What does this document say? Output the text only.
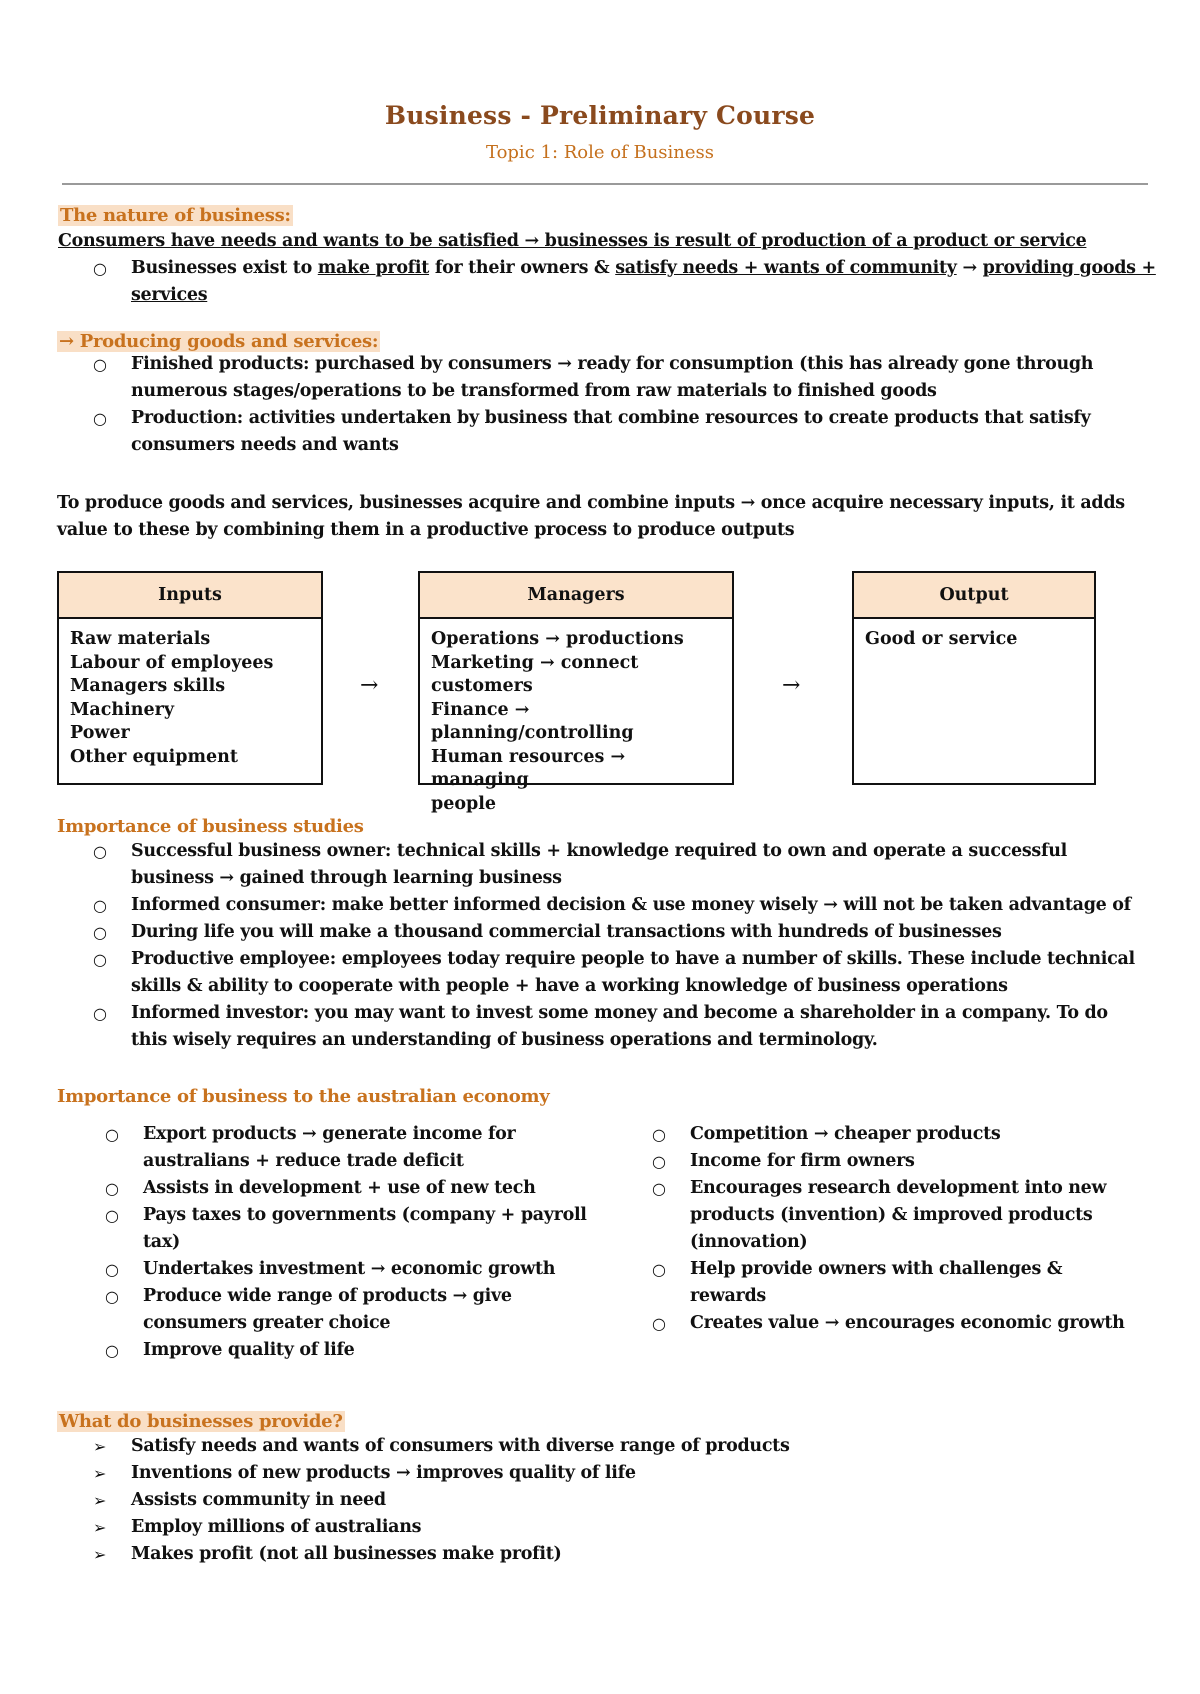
Business - Preliminary Course
Topic 1: Role of Business
The nature of business:
Consumers have needs and wants to be satisfied → businesses is result of production of a product or service
○ Businesses exist to make profit for their owners & satisfy needs + wants of community → providing goods + services
→ Producing goods and services:
○ Finished products: purchased by consumers → ready for consumption (this has already gone through numerous stages/operations to be transformed from raw materials to finished goods
○ Production: activities undertaken by business that combine resources to create products that satisfy consumers needs and wants
To produce goods and services, businesses acquire and combine inputs → once acquire necessary inputs, it adds value to these by combining them in a productive process to produce outputs
Inputs
Raw materials
Labour of employees
Managers skills
Machinery
Power
Other equipment
→
Managers
Operations → productions
Marketing → connect customers
Finance → planning/controlling
Human resources → managing
people
→
Output
Good or service
Importance of business studies
○ Successful business owner: technical skills + knowledge required to own and operate a successful business → gained through learning business
○ Informed consumer: make better informed decision & use money wisely → will not be taken advantage of
○ During life you will make a thousand commercial transactions with hundreds of businesses
○ Productive employee: employees today require people to have a number of skills. These include technical skills & ability to cooperate with people + have a working knowledge of business operations
○ Informed investor: you may want to invest some money and become a shareholder in a company. To do this wisely requires an understanding of business operations and terminology.
Importance of business to the australian economy
○ Export products → generate income for australians + reduce trade deficit
○ Assists in development + use of new tech
○ Pays taxes to governments (company + payroll tax)
○ Undertakes investment → economic growth
○ Produce wide range of products → give consumers greater choice
○ Improve quality of life
○ Competition → cheaper products
○ Income for firm owners
○ Encourages research development into new products (invention) & improved products (innovation)
○ Help provide owners with challenges & rewards
○ Creates value → encourages economic growth
What do businesses provide?
➢ Satisfy needs and wants of consumers with diverse range of products
➢ Inventions of new products → improves quality of life
➢ Assists community in need
➢ Employ millions of australians
➢ Makes profit (not all businesses make profit)
